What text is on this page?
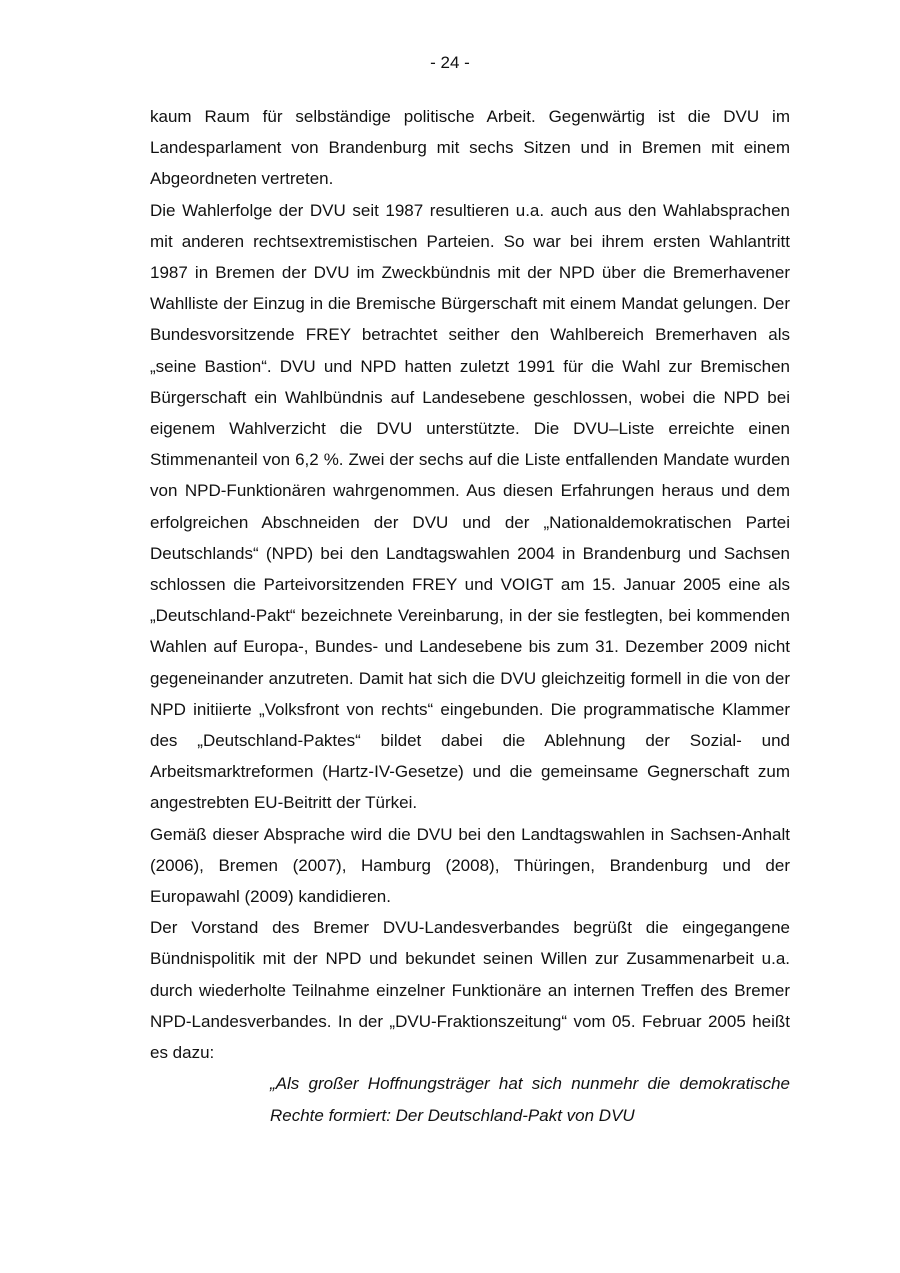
- 24 -

kaum Raum für selbständige politische Arbeit. Gegenwärtig ist die DVU im Landesparlament von Brandenburg mit sechs Sitzen und in Bremen mit einem Abgeordneten vertreten.

Die Wahlerfolge der DVU seit 1987 resultieren u.a. auch aus den Wahlabsprachen mit anderen rechtsextremistischen Parteien. So war bei ihrem ersten Wahlantritt 1987 in Bremen der DVU im Zweckbündnis mit der NPD über die Bremerhavener Wahlliste der Einzug in die Bremische Bürgerschaft mit einem Mandat gelungen. Der Bundesvorsitzende FREY betrachtet seither den Wahlbereich Bremerhaven als „seine Bastion“. DVU und NPD hatten zuletzt 1991 für die Wahl zur Bremischen Bürgerschaft ein Wahlbündnis auf Landesebene geschlossen, wobei die NPD bei eigenem Wahlverzicht die DVU unterstützte. Die DVU–Liste erreichte einen Stimmenanteil von 6,2 %. Zwei der sechs auf die Liste entfallenden Mandate wurden von NPD-Funktionären wahrgenommen. Aus diesen Erfahrungen heraus und dem erfolgreichen Abschneiden der DVU und der „Nationaldemokratischen Partei Deutschlands“ (NPD) bei den Landtagswahlen 2004 in Brandenburg und Sachsen schlossen die Parteivorsitzenden FREY und VOIGT am 15. Januar 2005 eine als „Deutschland-Pakt“ bezeichnete Vereinbarung, in der sie festlegten, bei kommenden Wahlen auf Europa-, Bundes- und Landesebene bis zum 31. Dezember 2009 nicht gegeneinander anzutreten. Damit hat sich die DVU gleichzeitig formell in die von der NPD initiierte „Volksfront von rechts“ eingebunden. Die programmatische Klammer des „Deutschland-Paktes“ bildet dabei die Ablehnung der Sozial- und Arbeitsmarktreformen (Hartz-IV-Gesetze) und die gemeinsame Gegnerschaft zum angestrebten EU-Beitritt der Türkei.

Gemäß dieser Absprache wird die DVU bei den Landtagswahlen in Sachsen-Anhalt (2006), Bremen (2007), Hamburg (2008), Thüringen, Brandenburg und der Europawahl (2009) kandidieren.

Der Vorstand des Bremer DVU-Landesverbandes begrüßt die eingegangene Bündnispolitik mit der NPD und bekundet seinen Willen zur Zusammenarbeit u.a. durch wiederholte Teilnahme einzelner Funktionäre an internen Treffen des Bremer NPD-Landesverbandes. In der „DVU-Fraktionszeitung“ vom 05. Februar 2005 heißt es dazu:

„Als großer Hoffnungsträger hat sich nunmehr die demokratische Rechte formiert: Der Deutschland-Pakt von DVU
